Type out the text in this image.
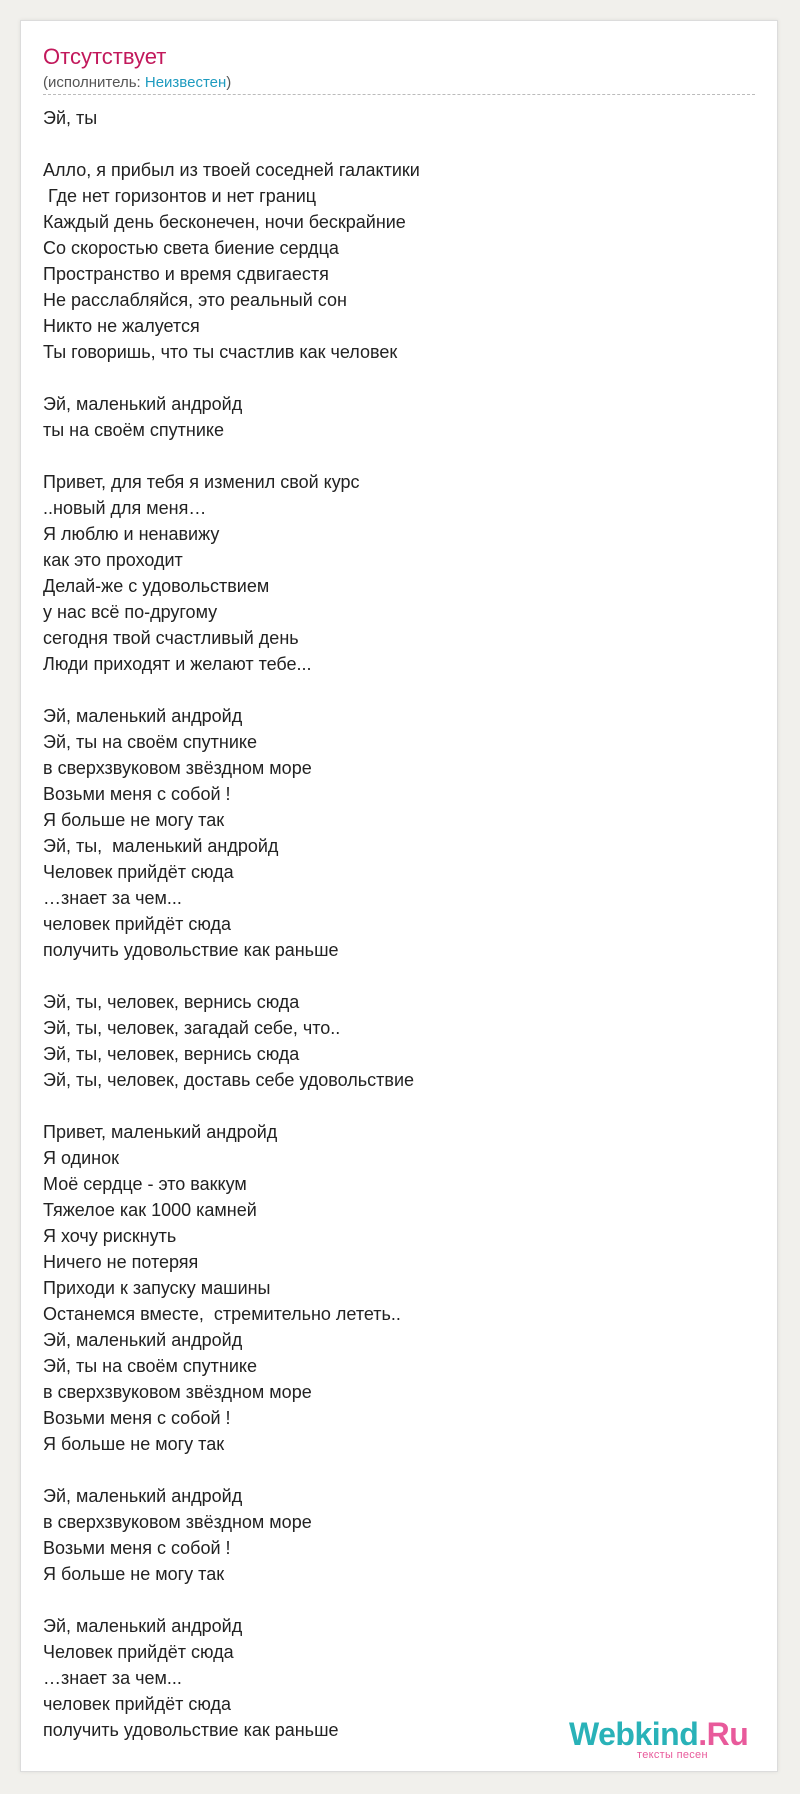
Отсутствует
(исполнитель: Неизвестен)
Эй, ты
Алло, я прибыл из твоей соседней галактики
Где нет горизонтов и нет границ
Каждый день бесконечен, ночи бескрайние
Со скоростью света биение сердца
Пространство и время сдвигаестя
Не расслабляйся, это реальный сон
Никто не жалуется
Ты говоришь, что ты счастлив как человек
Эй, маленький андройд
ты на своём спутнике
Привет, для тебя я изменил свой курс
..новый для меня…
Я люблю и ненавижу
как это проходит
Делай-же с удовольствием
у нас всё по-другому
сегодня твой счастливый день
Люди приходят и желают тебе...
Эй, маленький андройд
Эй, ты на своём спутнике
в сверхзвуковом звёздном море
Возьми меня с собой !
Я больше не могу так
Эй, ты,  маленький андройд
Человек прийдёт сюда
…знает за чем...
человек прийдёт сюда
получить удовольствие как раньше
Эй, ты, человек, вернись сюда
Эй, ты, человек, загадай себе, что..
Эй, ты, человек, вернись сюда
Эй, ты, человек, доставь себе удовольствие
Привет, маленький андройд
Я одинок
Моё сердце - это ваккум
Тяжелое как 1000 камней
Я хочу рискнуть
Ничего не потеряя
Приходи к запуску машины
Останемся вместе,  стремительно лететь..
Эй, маленький андройд
Эй, ты на своём спутнике
в сверхзвуковом звёздном море
Возьми меня с собой !
Я больше не могу так
Эй, маленький андройд
в сверхзвуковом звёздном море
Возьми меня с собой !
Я больше не могу так
Эй, маленький андройд
Человек прийдёт сюда
…знает за чем...
человек прийдёт сюда
получить удовольствие как раньше	Webkind.Ru
тексты песен
